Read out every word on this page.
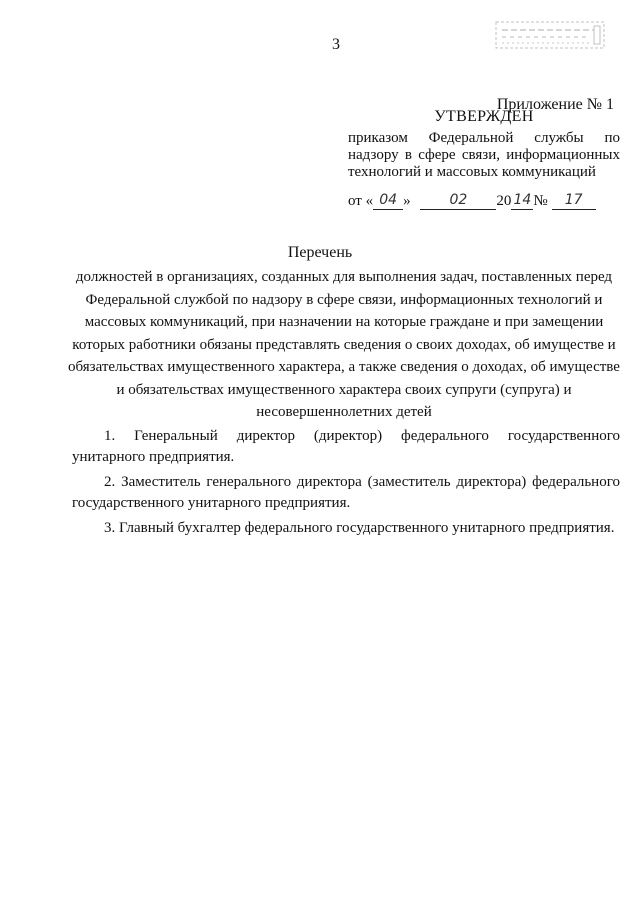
3
Приложение № 1
УТВЕРЖДЕН
приказом Федеральной службы по
надзору в сфере связи, информационных
технологий и массовых коммуникаций
от « 04 »	02 20 14 № 17
Перечень
должностей в организациях, созданных для выполнения задач, поставленных перед Федеральной службой по надзору в сфере связи, информационных технологий и массовых коммуникаций, при назначении на которые граждане и при замещении которых работники обязаны представлять сведения о своих доходах, об имуществе и обязательствах имущественного характера, а также сведения о доходах, об имуществе и обязательствах имущественного характера своих супруги (супруга) и несовершеннолетних детей
1. Генеральный директор (директор) федерального государственного унитарного предприятия.
2. Заместитель генерального директора (заместитель директора) федерального государственного унитарного предприятия.
3. Главный бухгалтер федерального государственного унитарного предприятия.
